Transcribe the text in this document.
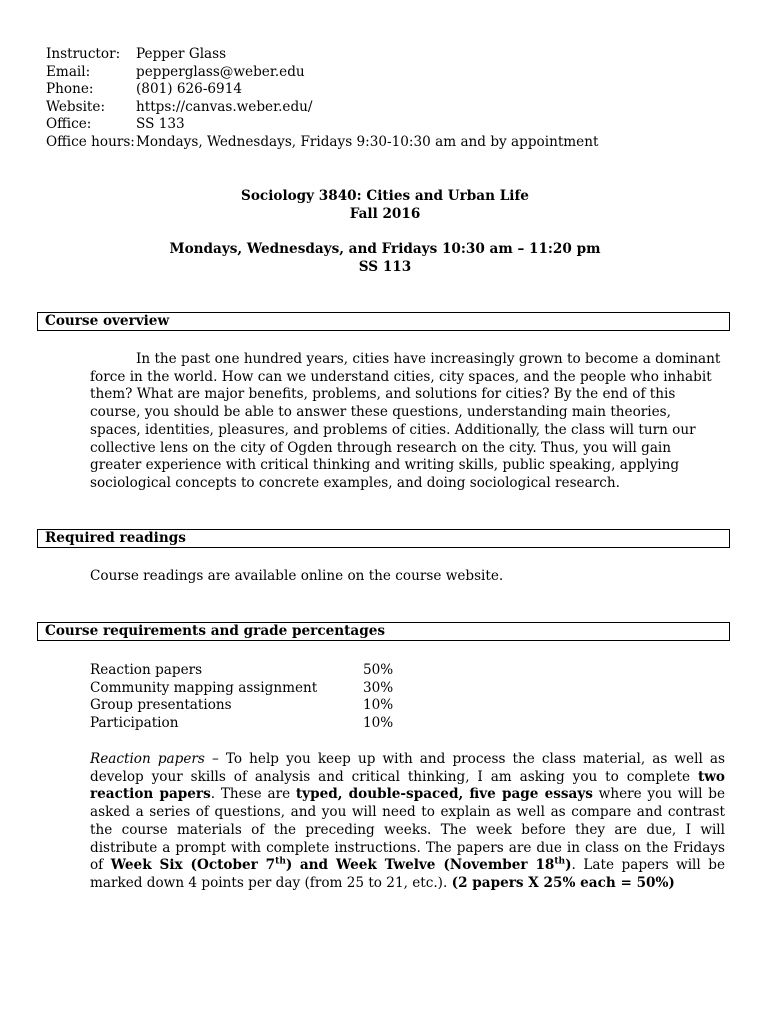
Instructor:	Pepper Glass
Email:	pepperglass@weber.edu
Phone:	(801) 626-6914
Website:	https://canvas.weber.edu/
Office:	SS 133
Office hours: Mondays, Wednesdays, Fridays 9:30-10:30 am and by appointment
Sociology 3840: Cities and Urban Life
Fall 2016
Mondays, Wednesdays, and Fridays 10:30 am – 11:20 pm
SS 113
Course overview
In the past one hundred years, cities have increasingly grown to become a dominant force in the world. How can we understand cities, city spaces, and the people who inhabit them? What are major benefits, problems, and solutions for cities? By the end of this course, you should be able to answer these questions, understanding main theories, spaces, identities, pleasures, and problems of cities. Additionally, the class will turn our collective lens on the city of Ogden through research on the city. Thus, you will gain greater experience with critical thinking and writing skills, public speaking, applying sociological concepts to concrete examples, and doing sociological research.
Required readings
Course readings are available online on the course website.
Course requirements and grade percentages
Reaction papers	50%
Community mapping assignment	30%
Group presentations	10%
Participation	10%
Reaction papers – To help you keep up with and process the class material, as well as develop your skills of analysis and critical thinking, I am asking you to complete two reaction papers. These are typed, double-spaced, five page essays where you will be asked a series of questions, and you will need to explain as well as compare and contrast the course materials of the preceding weeks. The week before they are due, I will distribute a prompt with complete instructions. The papers are due in class on the Fridays of Week Six (October 7th) and Week Twelve (November 18th). Late papers will be marked down 4 points per day (from 25 to 21, etc.). (2 papers X 25% each = 50%)
